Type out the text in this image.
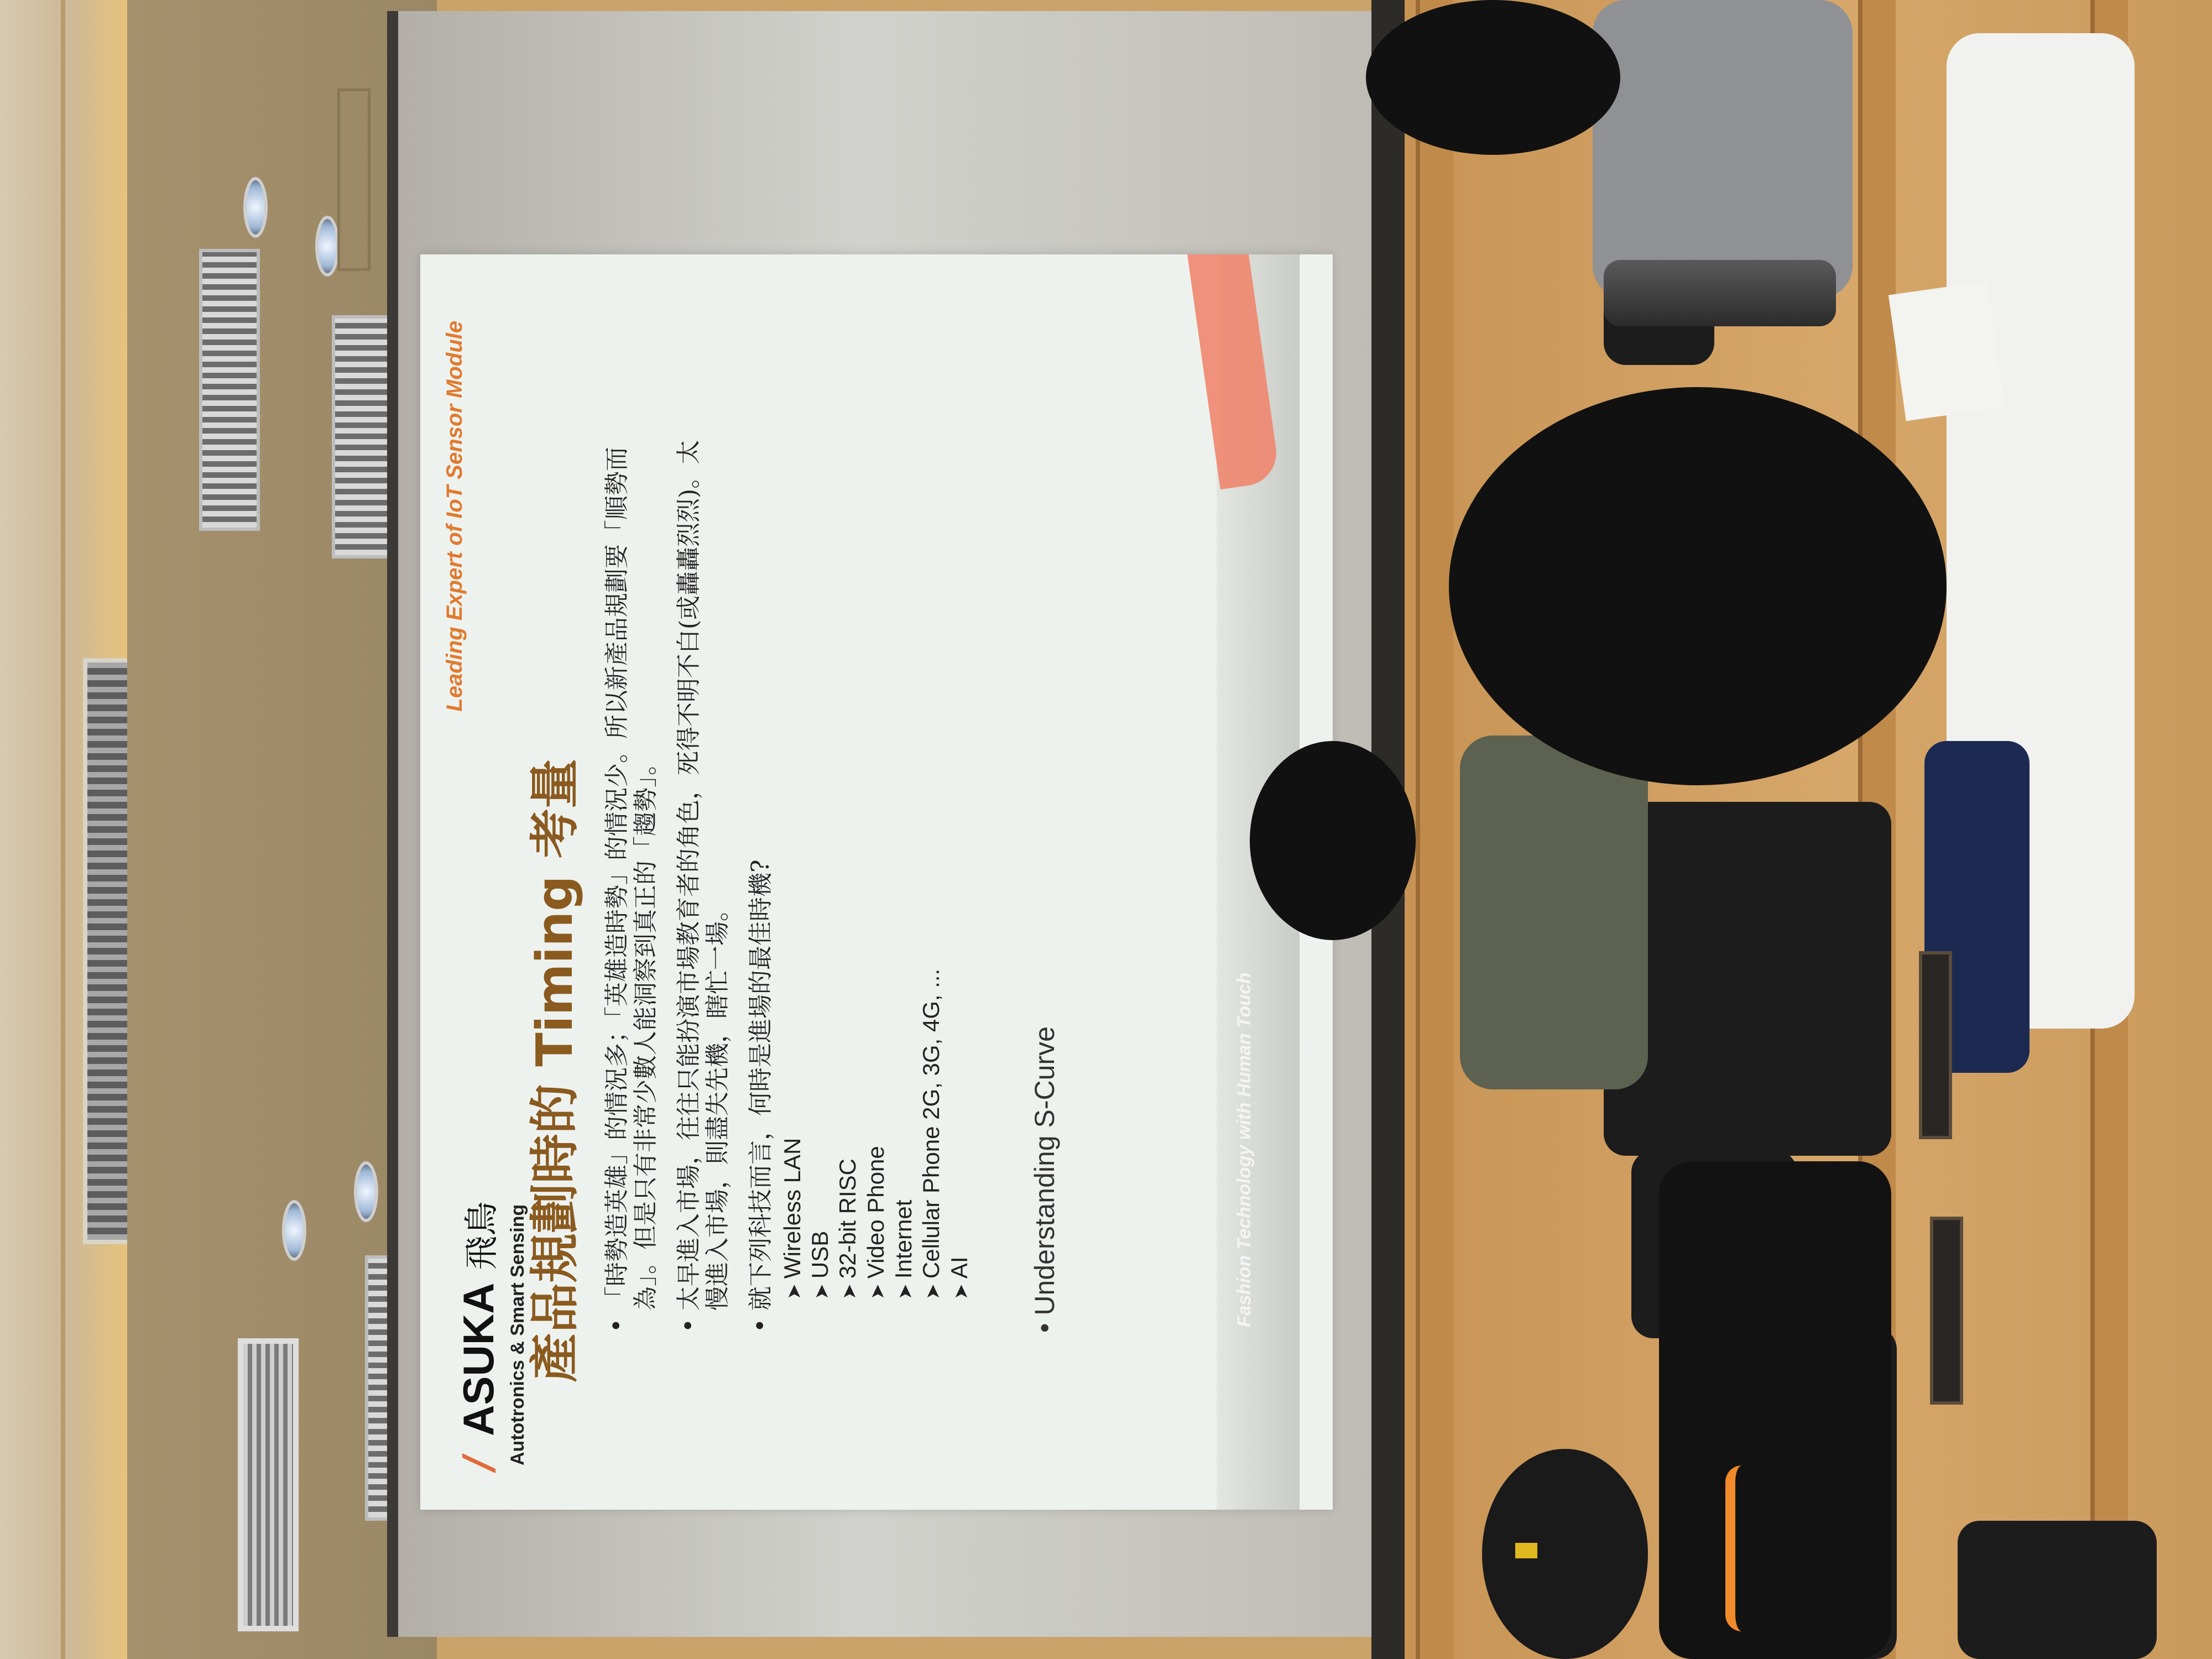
ASUKA 飛鳥 Autotronics & Smart Sensing
Leading Expert of IoT Sensor Module
產品規劃時的 Timing 考量 • 「時勢造英雄」的情況多；「英雄造時勢」的情況少。所以新產品規劃要「順勢而為」。但是只有非常少數人能洞察到真正的「趨勢」。 • 太早進入市場，往往只能扮演市場教育者的角色，死得不明不白(或轟轟烈烈)。太慢進入市場，則盡失先機，瞎忙一場。 • 就下列科技而言，何時是進場的最佳時機? ➤ Wireless LAN ➤ USB ➤ 32-bit RISC ➤ Video Phone ➤ Internet ➤ Cellular Phone 2G, 3G, 4G, ... ➤ AI
• Understanding S-Curve	Fashion Technology with Human Touch
